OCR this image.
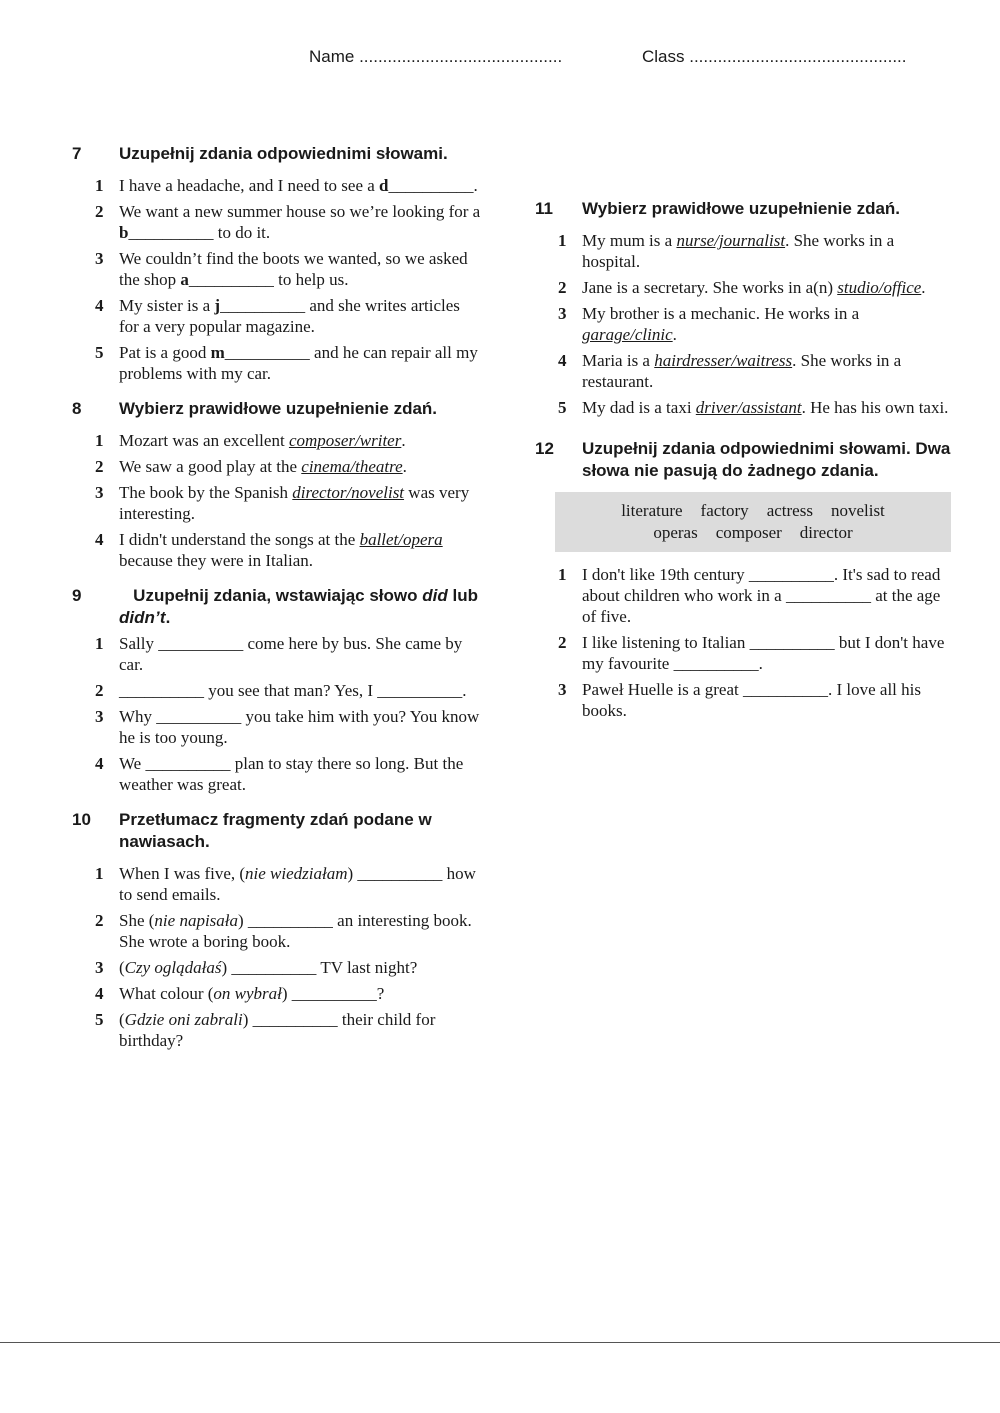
Name ...........................................	Class ..............................................
7 Uzupełnij zdania odpowiednimi słowami.
1 I have a headache, and I need to see a d__________.
2 We want a new summer house so we’re looking for a b__________ to do it.
3 We couldn’t find the boots we wanted, so we asked the shop a__________ to help us.
4 My sister is a j__________ and she writes articles for a very popular magazine.
5 Pat is a good m__________ and he can repair all my problems with my car.
8 Wybierz prawidłowe uzupełnienie zdań.
1 Mozart was an excellent composer/writer.
2 We saw a good play at the cinema/theatre.
3 The book by the Spanish director/novelist was very interesting.
4 I didn't understand the songs at the ballet/opera because they were in Italian.
9	Uzupełnij zdania, wstawiając słowo did lub didn’t.
1 Sally __________ come here by bus. She came by car.
2 __________ you see that man? Yes, I __________.
3 Why __________ you take him with you? You know he is too young.
4 We __________ plan to stay there so long. But the weather was great.
10 Przetłumacz fragmenty zdań podane w nawiasach.
1 When I was five, (nie wiedziałam) __________ how to send emails.
2 She (nie napisała) __________ an interesting book. She wrote a boring book.
3 (Czy oglądałaś) __________ TV last night?
4 What colour (on wybrał) __________?
5 (Gdzie oni zabrali) __________ their child for birthday?
11 Wybierz prawidłowe uzupełnienie zdań.
1 My mum is a nurse/journalist. She works in a hospital.
2 Jane is a secretary. She works in a(n) studio/office.
3 My brother is a mechanic. He works in a garage/clinic.
4 Maria is a hairdresser/waitress. She works in a restaurant.
5 My dad is a taxi driver/assistant. He has his own taxi.
12 Uzupełnij zdania odpowiednimi słowami. Dwa słowa nie pasują do żadnego zdania.
literature factory actress novelist
operas composer director
1 I don't like 19th century __________. It's sad to read about children who work in a __________ at the age of five.
2 I like listening to Italian __________ but I don't have my favourite __________.
3 Paweł Huelle is a great __________. I love all his books.
